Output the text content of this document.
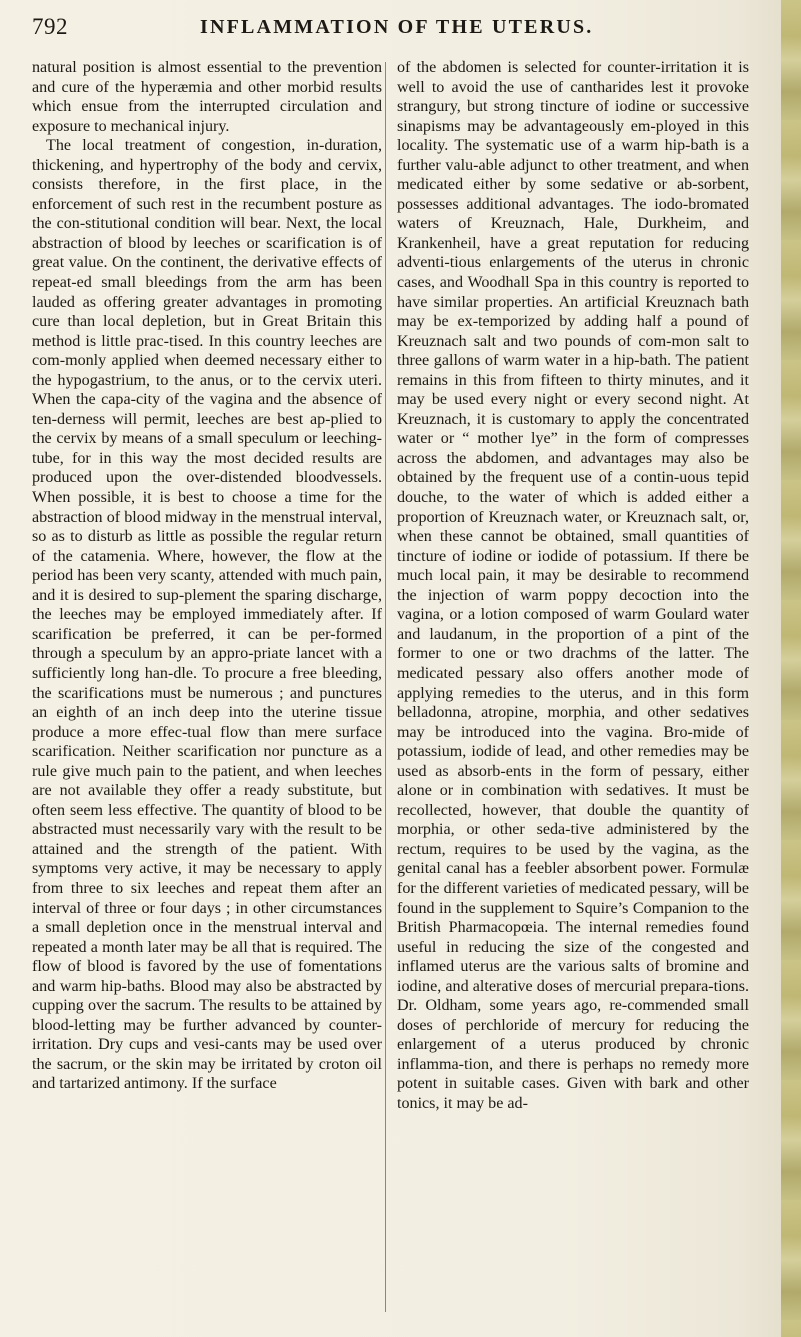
792	INFLAMMATION OF THE UTERUS.

natural position is almost essential to the prevention and cure of the hyperæmia and other morbid results which ensue from the interrupted circulation and exposure to mechanical injury.

The local treatment of congestion, in-duration, thickening, and hypertrophy of the body and cervix, consists therefore, in the first place, in the enforcement of such rest in the recumbent posture as the con-stitutional condition will bear. Next, the local abstraction of blood by leeches or scarification is of great value. On the continent, the derivative effects of repeat-ed small bleedings from the arm has been lauded as offering greater advantages in promoting cure than local depletion, but in Great Britain this method is little prac-tised. In this country leeches are com-monly applied when deemed necessary either to the hypogastrium, to the anus, or to the cervix uteri. When the capa-city of the vagina and the absence of ten-derness will permit, leeches are best ap-plied to the cervix by means of a small speculum or leeching-tube, for in this way the most decided results are produced upon the over-distended bloodvessels. When possible, it is best to choose a time for the abstraction of blood midway in the menstrual interval, so as to disturb as little as possible the regular return of the catamenia. Where, however, the flow at the period has been very scanty, attended with much pain, and it is desired to sup-plement the sparing discharge, the leeches may be employed immediately after. If scarification be preferred, it can be per-formed through a speculum by an appro-priate lancet with a sufficiently long han-dle. To procure a free bleeding, the scarifications must be numerous ; and punctures an eighth of an inch deep into the uterine tissue produce a more effec-tual flow than mere surface scarification. Neither scarification nor puncture as a rule give much pain to the patient, and when leeches are not available they offer a ready substitute, but often seem less effective. The quantity of blood to be abstracted must necessarily vary with the result to be attained and the strength of the patient. With symptoms very active, it may be necessary to apply from three to six leeches and repeat them after an interval of three or four days ; in other circumstances a small depletion once in the menstrual interval and repeated a month later may be all that is required. The flow of blood is favored by the use of fomentations and warm hip-baths. Blood may also be abstracted by cupping over the sacrum. The results to be attained by blood-letting may be further advanced by counter-irritation. Dry cups and vesi-cants may be used over the sacrum, or the skin may be irritated by croton oil and tartarized antimony. If the surface

of the abdomen is selected for counter-irritation it is well to avoid the use of cantharides lest it provoke strangury, but strong tincture of iodine or successive sinapisms may be advantageously em-ployed in this locality. The systematic use of a warm hip-bath is a further valu-able adjunct to other treatment, and when medicated either by some sedative or ab-sorbent, possesses additional advantages. The iodo-bromated waters of Kreuznach, Hale, Durkheim, and Krankenheil, have a great reputation for reducing adventi-tious enlargements of the uterus in chronic cases, and Woodhall Spa in this country is reported to have similar properties. An artificial Kreuznach bath may be ex-temporized by adding half a pound of Kreuznach salt and two pounds of com-mon salt to three gallons of warm water in a hip-bath. The patient remains in this from fifteen to thirty minutes, and it may be used every night or every second night. At Kreuznach, it is customary to apply the concentrated water or “ mother lye” in the form of compresses across the abdomen, and advantages may also be obtained by the frequent use of a contin-uous tepid douche, to the water of which is added either a proportion of Kreuznach water, or Kreuznach salt, or, when these cannot be obtained, small quantities of tincture of iodine or iodide of potassium. If there be much local pain, it may be desirable to recommend the injection of warm poppy decoction into the vagina, or a lotion composed of warm Goulard water and laudanum, in the proportion of a pint of the former to one or two drachms of the latter. The medicated pessary also offers another mode of applying remedies to the uterus, and in this form belladonna, atropine, morphia, and other sedatives may be introduced into the vagina. Bro-mide of potassium, iodide of lead, and other remedies may be used as absorb-ents in the form of pessary, either alone or in combination with sedatives. It must be recollected, however, that double the quantity of morphia, or other seda-tive administered by the rectum, requires to be used by the vagina, as the genital canal has a feebler absorbent power. Formulæ for the different varieties of medicated pessary, will be found in the supplement to Squire’s Companion to the British Pharmacopœia. The internal remedies found useful in reducing the size of the congested and inflamed uterus are the various salts of bromine and iodine, and alterative doses of mercurial prepara-tions. Dr. Oldham, some years ago, re-commended small doses of perchloride of mercury for reducing the enlargement of a uterus produced by chronic inflamma-tion, and there is perhaps no remedy more potent in suitable cases. Given with bark and other tonics, it may be ad-
